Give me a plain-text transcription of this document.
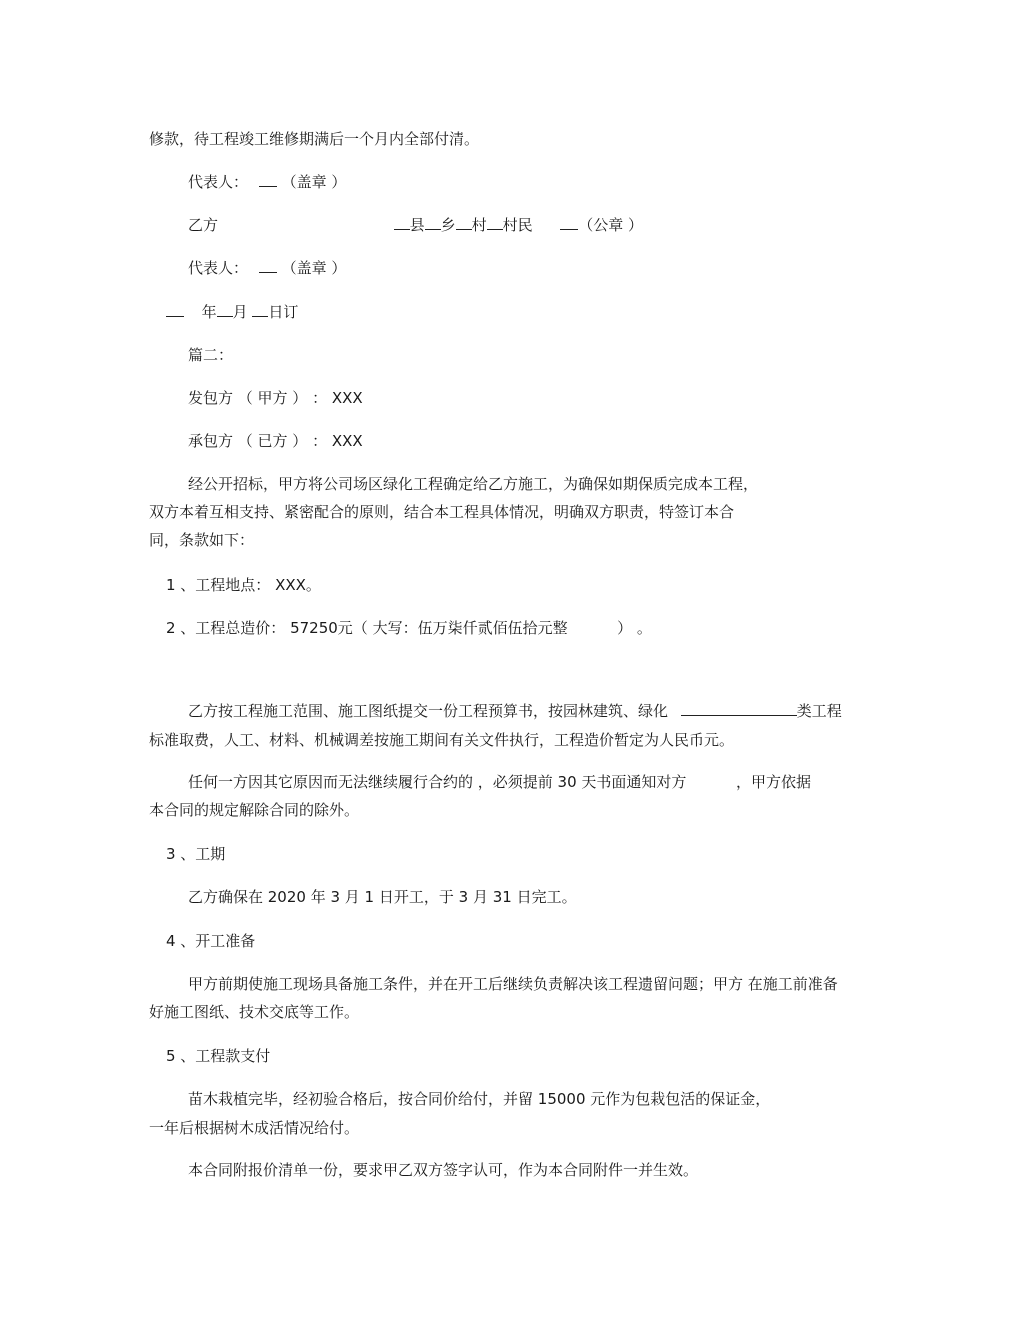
修款，待工程竣工维修期满后一个月内全部付清。
代表人： （盖章 ）
乙方	县 乡 村 村民	（公章 ）
代表人： （盖章 ）
年 月 日订
篇二：
发包方 （ 甲方 ） ： XXX
承包方 （ 已方 ） ： XXX
经公开招标，甲方将公司场区绿化工程确定给乙方施工，为确保如期保质完成本工程，
双方本着互相支持、紧密配合的原则，结合本工程具体情况，明确双方职责，特签订本合
同，条款如下：
1 、工程地点： XXX。
2 、工程总造价： 57250元（ 大写：伍万柒仟贰佰伍拾元整	） 。
乙方按工程施工范围、施工图纸提交一份工程预算书，按园林建筑、绿化	类工程
标准取费，人工、材料、机械调差按施工期间有关文件执行，工程造价暂定为人民币元。
任何一方因其它原因而无法继续履行合约的 ，必须提前 30 天书面通知对方	，甲方依据
本合同的规定解除合同的除外。
3 、工期
乙方确保在 2020 年 3 月 1 日开工，于 3 月 31 日完工。
4 、开工准备
甲方前期使施工现场具备施工条件，并在开工后继续负责解决该工程遗留问题；甲方 在施工前准备
好施工图纸、技术交底等工作。
5 、工程款支付
苗木栽植完毕，经初验合格后，按合同价给付，并留 15000 元作为包栽包活的保证金，
一年后根据树木成活情况给付。
本合同附报价清单一份，要求甲乙双方签字认可，作为本合同附件一并生效。
